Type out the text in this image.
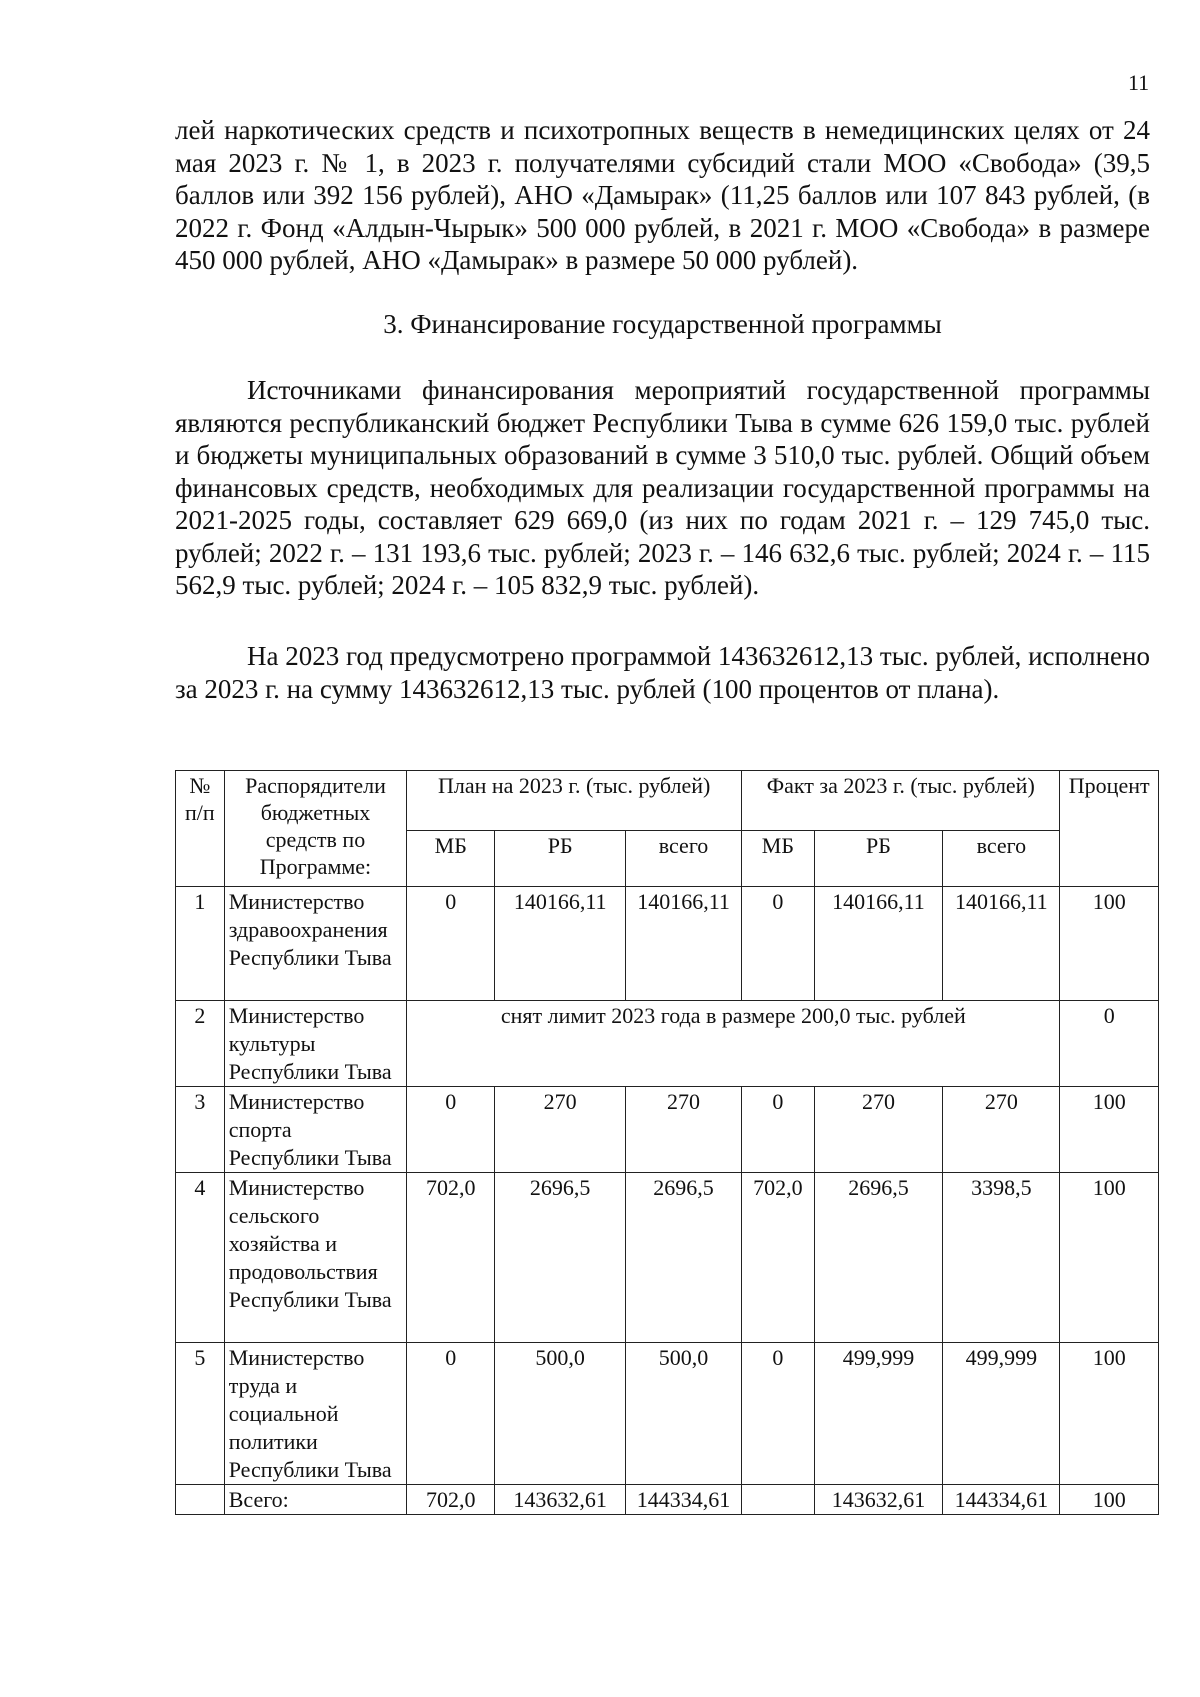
11

лей наркотических средств и психотропных веществ в немедицинских целях от 24 мая 2023 г. № 1, в 2023 г. получателями субсидий стали МОО «Свобода» (39,5 баллов или 392 156 рублей), АНО «Дамырак» (11,25 баллов или 107 843 рублей, (в 2022 г. Фонд «Алдын-Чырык» 500 000 рублей, в 2021 г. МОО «Свобода» в размере 450 000 рублей, АНО «Дамырак» в размере 50 000 рублей).

3. Финансирование государственной программы

Источниками финансирования мероприятий государственной программы являются республиканский бюджет Республики Тыва в сумме 626 159,0 тыс. рублей и бюджеты муниципальных образований в сумме 3 510,0 тыс. рублей. Общий объем финансовых средств, необходимых для реализации государственной программы на 2021-2025 годы, составляет 629 669,0 (из них по годам 2021 г. – 129 745,0 тыс. рублей; 2022 г. – 131 193,6 тыс. рублей; 2023 г. – 146 632,6 тыс. рублей; 2024 г. – 115 562,9 тыс. рублей; 2024 г. – 105 832,9 тыс. рублей).

На 2023 год предусмотрено программой 143632612,13 тыс. рублей, исполнено за 2023 г. на сумму 143632612,13 тыс. рублей (100 процентов от плана).

№ п/п	Распорядители бюджетных средств по Программе:	План на 2023 г. (тыс. рублей)			Факт за 2023 г. (тыс. рублей)			Процент
		МБ	РБ	всего	МБ	РБ	всего	
1	Министерство здравоохранения Республики Тыва	0	140166,11	140166,11	0	140166,11	140166,11	100
2	Министерство культуры Республики Тыва	снят лимит 2023 года в размере 200,0 тыс. рублей						0
3	Министерство спорта Республики Тыва	0	270	270	0	270	270	100
4	Министерство сельского хозяйства и продовольствия Республики Тыва	702,0	2696,5	2696,5	702,0	2696,5	3398,5	100
5	Министерство труда и социальной политики Республики Тыва	0	500,0	500,0	0	499,999	499,999	100
	Всего:	702,0	143632,61	144334,61		143632,61	144334,61	100
